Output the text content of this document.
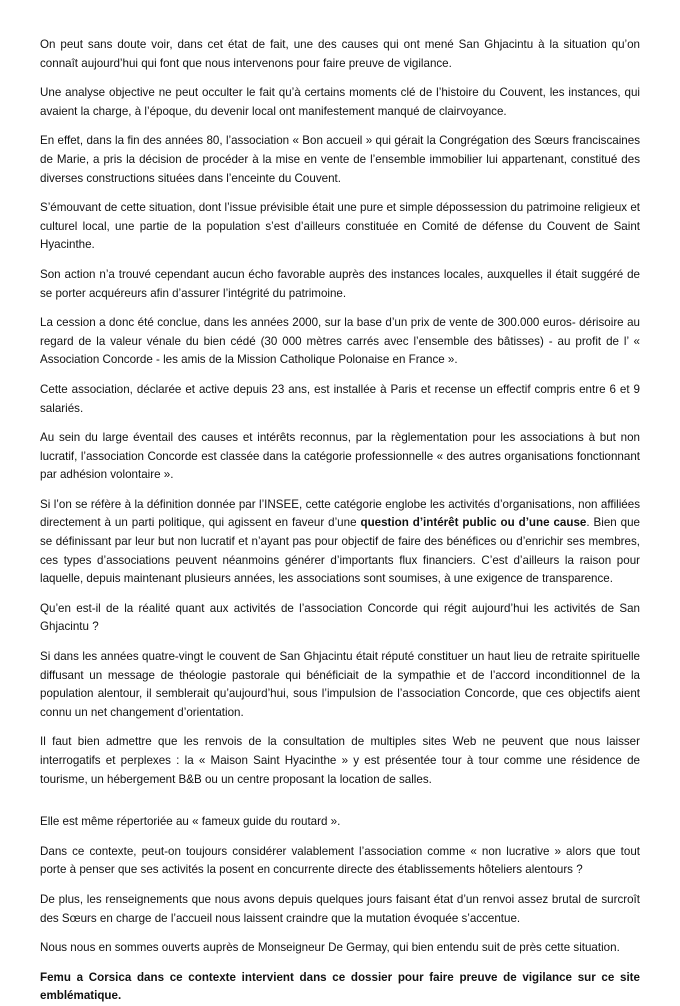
On peut sans doute voir, dans cet état de fait, une des causes qui ont mené San Ghjacintu à la situation qu’on connaît aujourd’hui qui font que nous intervenons pour faire preuve de vigilance.

Une analyse objective ne peut occulter le fait qu’à certains moments clé de l’histoire du Couvent, les instances, qui avaient la charge, à l’époque, du devenir local ont manifestement manqué de clairvoyance.

En effet, dans la fin des années 80, l’association « Bon accueil » qui gérait la Congrégation des Sœurs franciscaines de Marie, a pris la décision de procéder à la mise en vente de l’ensemble immobilier lui appartenant, constitué des diverses constructions situées dans l’enceinte du Couvent.

S’émouvant de cette situation, dont l’issue prévisible était une pure et simple dépossession du patrimoine religieux et culturel local, une partie de la population s’est d’ailleurs constituée en Comité de défense du Couvent de Saint Hyacinthe.

Son action n’a trouvé cependant aucun écho favorable auprès des instances locales, auxquelles il était suggéré de se porter acquéreurs afin d’assurer l’intégrité du patrimoine.

La cession a donc été conclue, dans les années 2000, sur la base d’un prix de vente de 300.000 euros- dérisoire au regard de la valeur vénale du bien cédé (30 000 mètres carrés avec l’ensemble des bâtisses) - au profit de l’ « Association Concorde - les amis de la Mission Catholique Polonaise en France ».

Cette association, déclarée et active depuis 23 ans, est installée à Paris et recense un effectif compris entre 6 et 9 salariés.

Au sein du large éventail des causes et intérêts reconnus, par la règlementation pour les associations à but non lucratif, l’association Concorde est classée dans la catégorie professionnelle « des autres organisations fonctionnant par adhésion volontaire ».

Si l’on se réfère à la définition donnée par l’INSEE, cette catégorie englobe les activités d’organisations, non affiliées directement à un parti politique, qui agissent en faveur d’une question d’intérêt public ou d’une cause. Bien que se définissant par leur but non lucratif et n’ayant pas pour objectif de faire des bénéfices ou d’enrichir ses membres, ces types d’associations peuvent néanmoins générer d’importants flux financiers. C’est d’ailleurs la raison pour laquelle, depuis maintenant plusieurs années, les associations sont soumises, à une exigence de transparence.

Qu’en est-il de la réalité quant aux activités de l’association Concorde qui régit aujourd’hui les activités de San Ghjacintu ?

Si dans les années quatre-vingt le couvent de San Ghjacintu était réputé constituer un haut lieu de retraite spirituelle diffusant un message de théologie pastorale qui bénéficiait de la sympathie et de l’accord inconditionnel de la population alentour, il semblerait qu’aujourd’hui, sous l’impulsion de l’association Concorde, que ces objectifs aient connu un net changement d’orientation.

Il faut bien admettre que les renvois de la consultation de multiples sites Web ne peuvent que nous laisser interrogatifs et perplexes : la « Maison Saint Hyacinthe » y est présentée tour à tour comme une résidence de tourisme, un hébergement B&B ou un centre proposant la location de salles.

Elle est même répertoriée au « fameux guide du routard ».

Dans ce contexte, peut-on toujours considérer valablement l’association comme « non lucrative » alors que tout porte à penser que ses activités la posent en concurrente directe des établissements hôteliers alentours ?

De plus, les renseignements que nous avons depuis quelques jours faisant état d’un renvoi assez brutal de surcroît des Sœurs en charge de l’accueil nous laissent craindre que la mutation évoquée s’accentue.

Nous nous en sommes ouverts auprès de Monseigneur De Germay, qui bien entendu suit de près cette situation.

Femu a Corsica dans ce contexte intervient dans ce dossier pour faire preuve de vigilance sur ce site emblématique.
